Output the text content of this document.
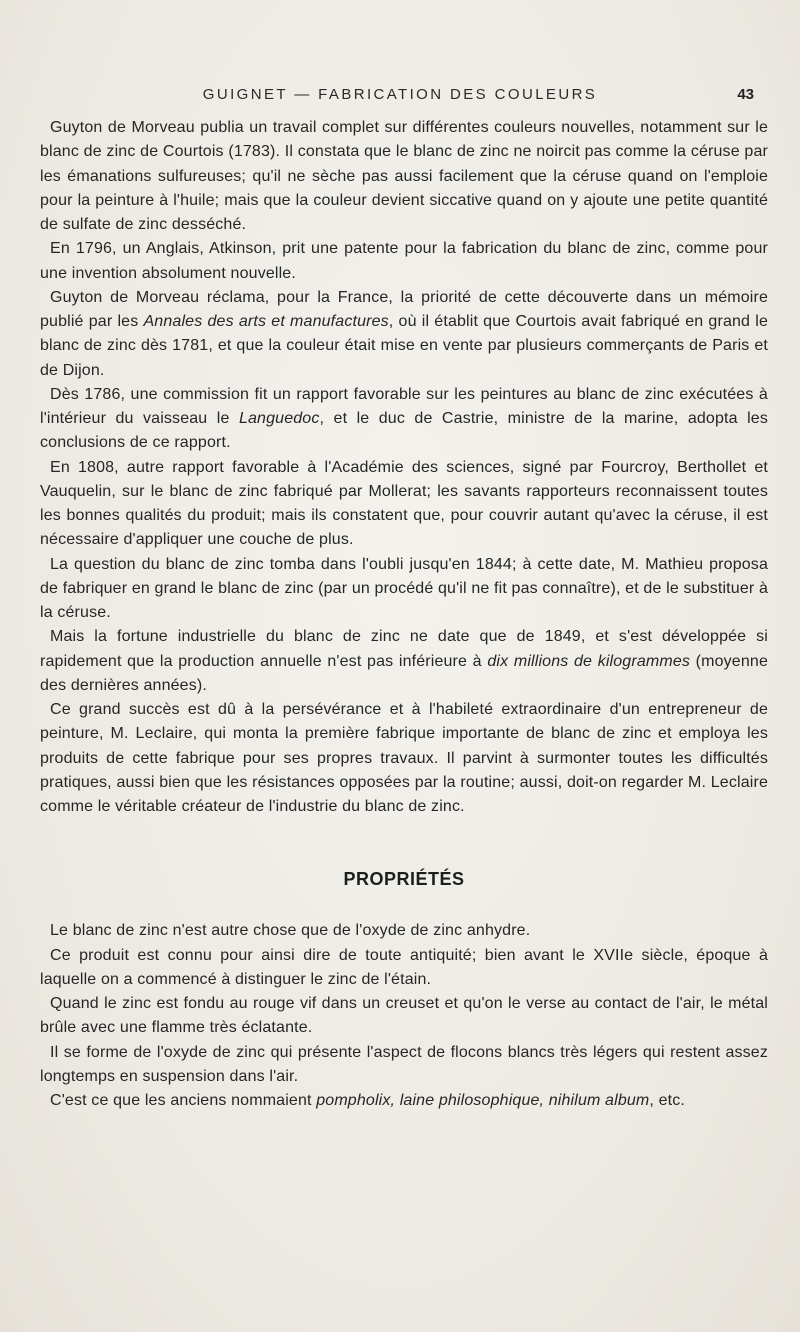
GUIGNET — FABRICATION DES COULEURS	43

Guyton de Morveau publia un travail complet sur différentes couleurs nouvelles, notamment sur le blanc de zinc de Courtois (1783). Il constata que le blanc de zinc ne noircit pas comme la céruse par les émanations sulfureuses; qu'il ne sèche pas aussi facilement que la céruse quand on l'emploie pour la peinture à l'huile; mais que la couleur devient siccative quand on y ajoute une petite quantité de sulfate de zinc desséché.

En 1796, un Anglais, Atkinson, prit une patente pour la fabrication du blanc de zinc, comme pour une invention absolument nouvelle.

Guyton de Morveau réclama, pour la France, la priorité de cette découverte dans un mémoire publié par les Annales des arts et manufactures, où il établit que Courtois avait fabriqué en grand le blanc de zinc dès 1781, et que la couleur était mise en vente par plusieurs commerçants de Paris et de Dijon.

Dès 1786, une commission fit un rapport favorable sur les peintures au blanc de zinc exécutées à l'intérieur du vaisseau le Languedoc, et le duc de Castrie, ministre de la marine, adopta les conclusions de ce rapport.

En 1808, autre rapport favorable à l'Académie des sciences, signé par Fourcroy, Berthollet et Vauquelin, sur le blanc de zinc fabriqué par Mollerat; les savants rapporteurs reconnaissent toutes les bonnes qualités du produit; mais ils constatent que, pour couvrir autant qu'avec la céruse, il est nécessaire d'appliquer une couche de plus.

La question du blanc de zinc tomba dans l'oubli jusqu'en 1844; à cette date, M. Mathieu proposa de fabriquer en grand le blanc de zinc (par un procédé qu'il ne fit pas connaître), et de le substituer à la céruse.

Mais la fortune industrielle du blanc de zinc ne date que de 1849, et s'est développée si rapidement que la production annuelle n'est pas inférieure à dix millions de kilogrammes (moyenne des dernières années).

Ce grand succès est dû à la persévérance et à l'habileté extraordinaire d'un entrepreneur de peinture, M. Leclaire, qui monta la première fabrique importante de blanc de zinc et employa les produits de cette fabrique pour ses propres travaux. Il parvint à surmonter toutes les difficultés pratiques, aussi bien que les résistances opposées par la routine; aussi, doit-on regarder M. Leclaire comme le véritable créateur de l'industrie du blanc de zinc.

PROPRIÉTÉS

Le blanc de zinc n'est autre chose que de l'oxyde de zinc anhydre.

Ce produit est connu pour ainsi dire de toute antiquité; bien avant le XVIIe siècle, époque à laquelle on a commencé à distinguer le zinc de l'étain.

Quand le zinc est fondu au rouge vif dans un creuset et qu'on le verse au contact de l'air, le métal brûle avec une flamme très éclatante.

Il se forme de l'oxyde de zinc qui présente l'aspect de flocons blancs très légers qui restent assez longtemps en suspension dans l'air.

C'est ce que les anciens nommaient pompholix, laine philosophique, nihilum album, etc.
